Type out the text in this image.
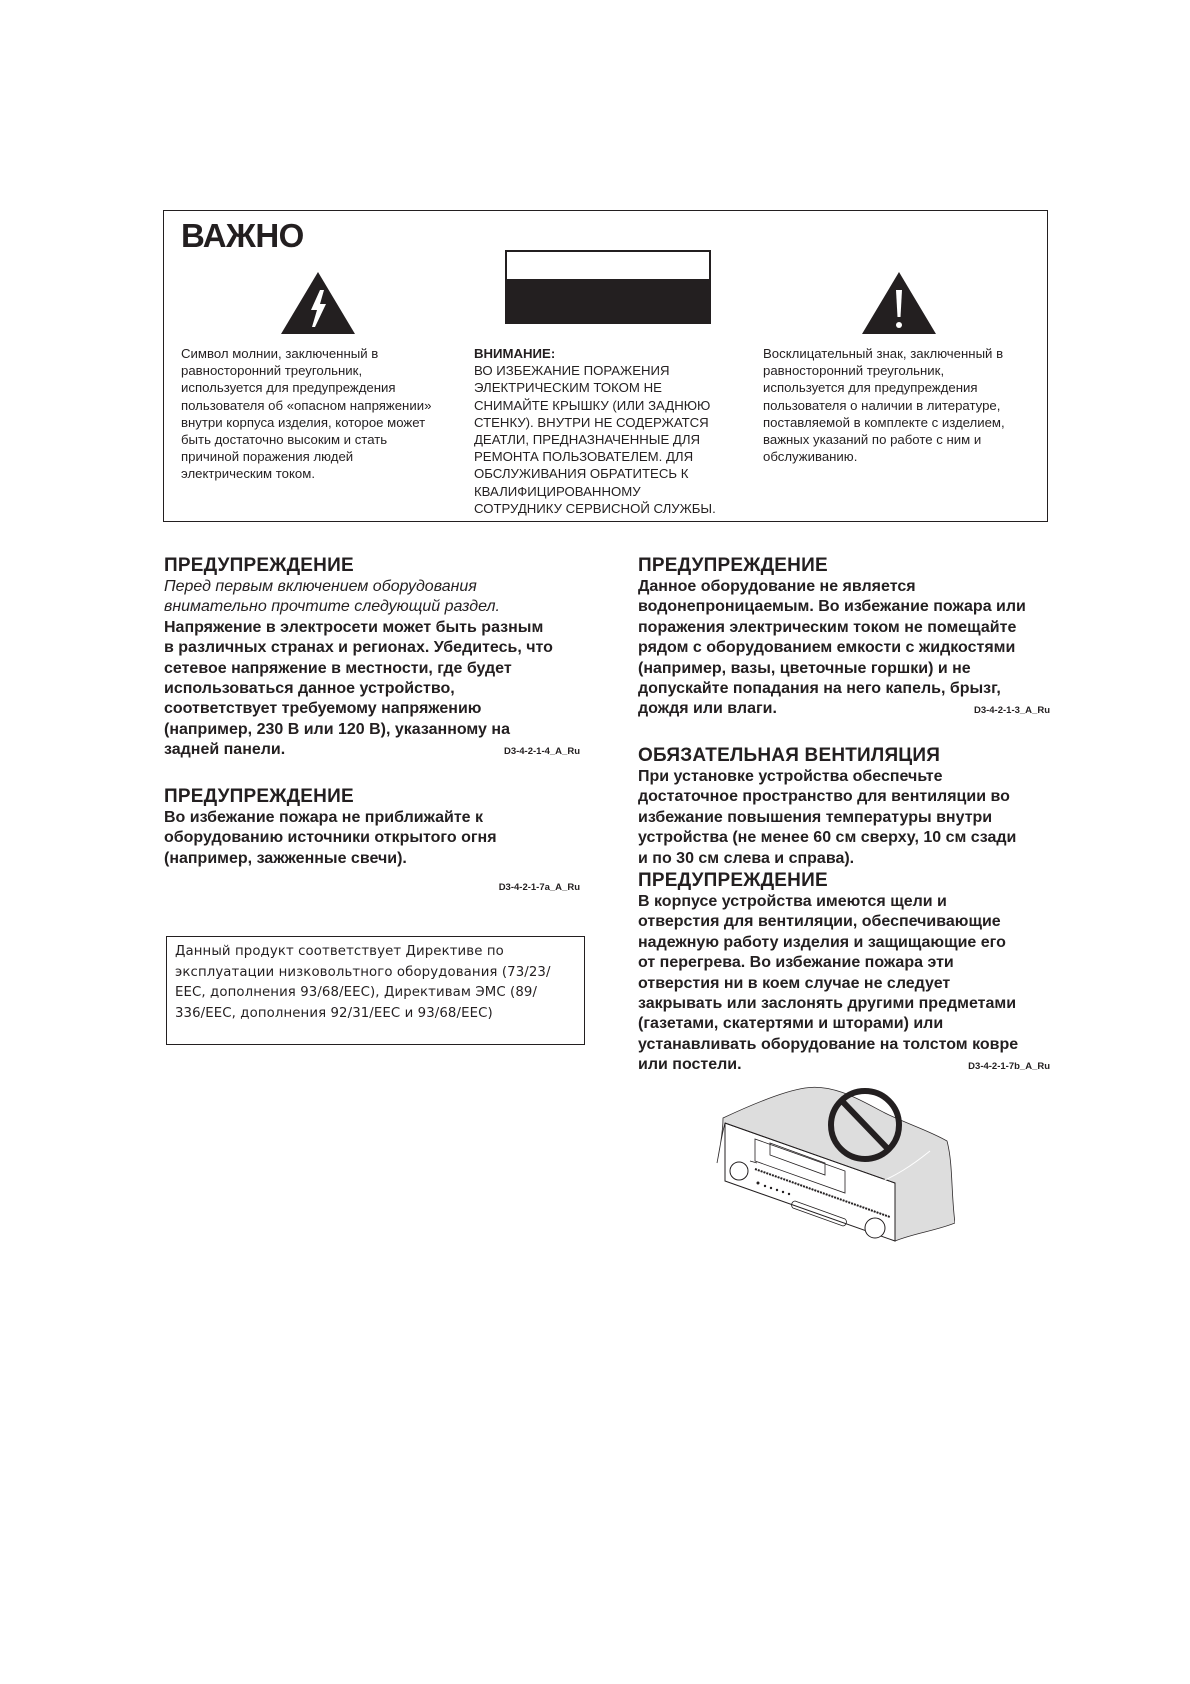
ВАЖНО
Символ молнии, заключенный в
равносторонний треугольник,
используется для предупреждения
пользователя об «опасном напряжении»
внутри корпуса изделия, которое может
быть достаточно высоким и стать
причиной поражения людей
электрическим током.
ВНИМАНИЕ:
ВО ИЗБЕЖАНИЕ ПОРАЖЕНИЯ
ЭЛЕКТРИЧЕСКИМ ТОКОМ НЕ
СНИМАЙТЕ КРЫШКУ (ИЛИ ЗАДНЮЮ
СТЕНКУ). ВНУТРИ НЕ СОДЕРЖАТСЯ
ДЕАТЛИ, ПРЕДНАЗНАЧЕННЫЕ ДЛЯ
РЕМОНТА ПОЛЬЗОВАТЕЛЕМ. ДЛЯ
ОБСЛУЖИВАНИЯ ОБРАТИТЕСЬ К
КВАЛИФИЦИРОВАННОМУ
СОТРУДНИКУ СЕРВИСНОЙ СЛУЖБЫ.
Восклицательный знак, заключенный в
равносторонний треугольник,
используется для предупреждения
пользователя о наличии в литературе,
поставляемой в комплекте с изделием,
важных указаний по работе с ним и
обслуживанию.
ПРЕДУПРЕЖДЕНИЕ
Перед первым включением оборудования
внимательно прочтите следующий раздел.
Напряжение в электросети может быть разным
в различных странах и регионах. Убедитесь, что
сетевое напряжение в местности, где будет
использоваться данное устройство,
соответствует требуемому напряжению
(например, 230 В или 120 В), указанному на
задней панели.	D3-4-2-1-4_A_Ru
ПРЕДУПРЕЖДЕНИЕ
Во избежание пожара не приближайте к
оборудованию источники открытого огня
(например, зажженные свечи).
D3-4-2-1-7a_A_Ru
Данный продукт соответствует Директиве по
эксплуатации низковольтного оборудования (73/23/
EEC, дополнения 93/68/EEC), Директивам ЭМС (89/
336/EEC, дополнения 92/31/EEC и 93/68/EEC)
ПРЕДУПРЕЖДЕНИЕ
Данное оборудование не является
водонепроницаемым. Во избежание пожара или
поражения электрическим током не помещайте
рядом с оборудованием емкости с жидкостями
(например, вазы, цветочные горшки) и не
допускайте попадания на него капель, брызг,
дождя или влаги.	D3-4-2-1-3_A_Ru
ОБЯЗАТЕЛЬНАЯ ВЕНТИЛЯЦИЯ
При установке устройства обеспечьте
достаточное пространство для вентиляции во
избежание повышения температуры внутри
устройства (не менее 60 см сверху, 10 см сзади
и по 30 см слева и справа).
ПРЕДУПРЕЖДЕНИЕ
В корпусе устройства имеются щели и
отверстия для вентиляции, обеспечивающие
надежную работу изделия и защищающие его
от перегрева. Во избежание пожара эти
отверстия ни в коем случае не следует
закрывать или заслонять другими предметами
(газетами, скатертями и шторами) или
устанавливать оборудование на толстом ковре
или постели.	D3-4-2-1-7b_A_Ru
